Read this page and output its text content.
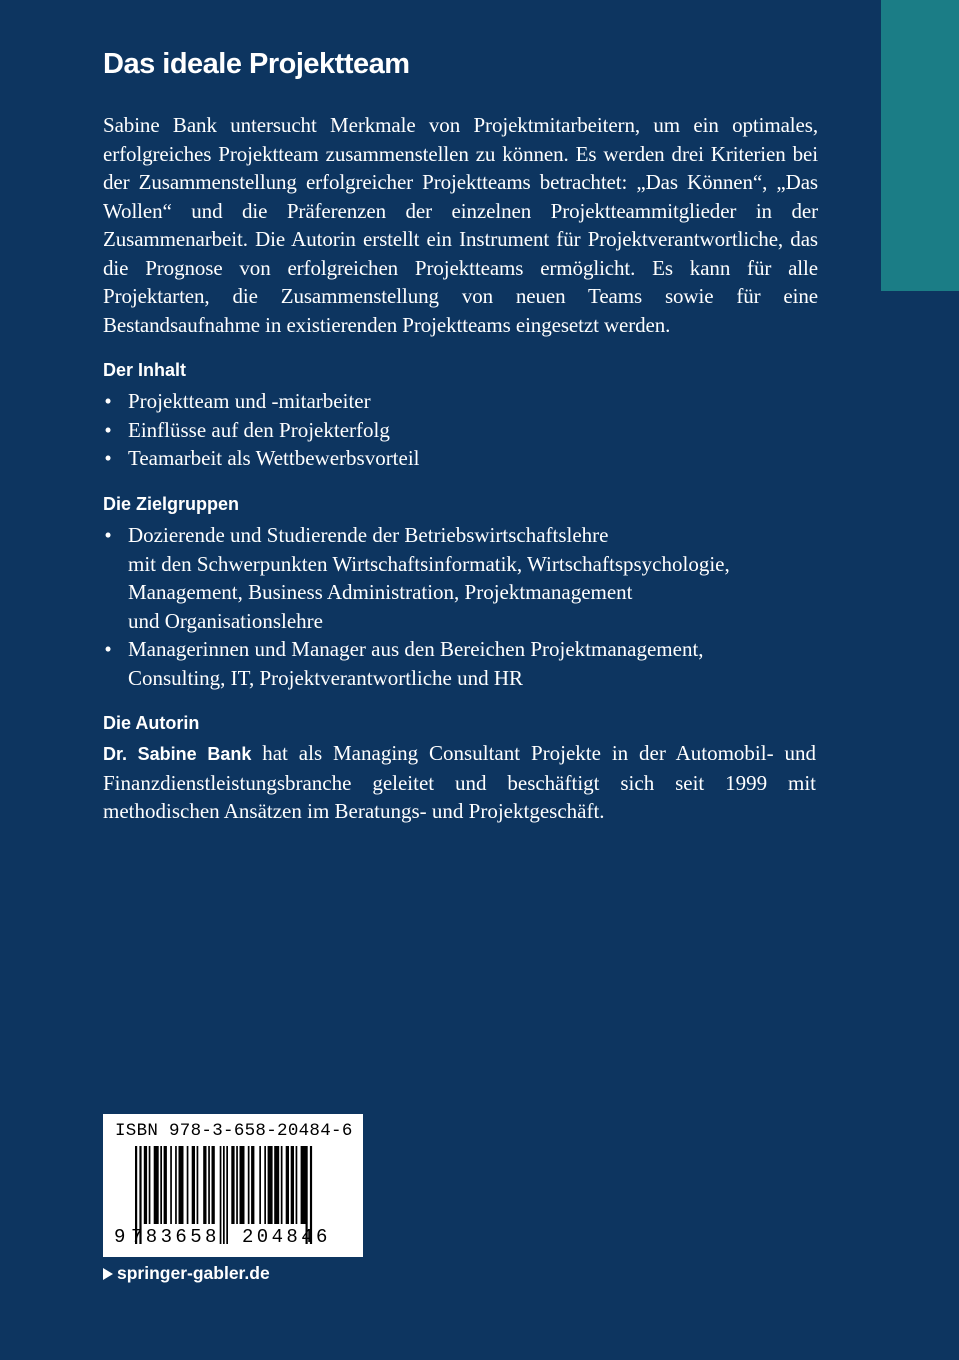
Das ideale Projektteam

Sabine Bank untersucht Merkmale von Projektmitarbeitern, um ein optimales, erfolgreiches Projektteam zusammenstellen zu können. Es werden drei Kriterien bei der Zusammenstellung erfolgreicher Projektteams betrachtet: „Das Können“, „Das Wollen“ und die Präferenzen der einzelnen Projektteammitglieder in der Zusammenarbeit. Die Autorin erstellt ein Instrument für Projektverantwortliche, das die Prognose von erfolgreichen Projektteams ermöglicht. Es kann für alle Projektarten, die Zusammenstellung von neuen Teams sowie für eine Bestandsaufnahme in existierenden Projektteams eingesetzt werden.

Der Inhalt
• Projektteam und -mitarbeiter
• Einflüsse auf den Projekterfolg
• Teamarbeit als Wettbewerbsvorteil
Die Zielgruppen
• Dozierende und Studierende der Betriebswirtschaftslehre
mit den Schwerpunkten Wirtschaftsinformatik, Wirtschaftspsychologie,
Management, Business Administration, Projektmanagement
und Organisationslehre
• Managerinnen und Manager aus den Bereichen Projektmanagement,
Consulting, IT, Projektverantwortliche und HR
Die Autorin

Dr. Sabine Bank hat als Managing Consultant Projekte in der Automobil- und Finanzdienstleistungsbranche geleitet und beschäftigt sich seit 1999 mit methodischen Ansätzen im Beratungs- und Projektgeschäft.

ISBN 978-3-658-20484-6
9 783658 204846
springer-gabler.de
